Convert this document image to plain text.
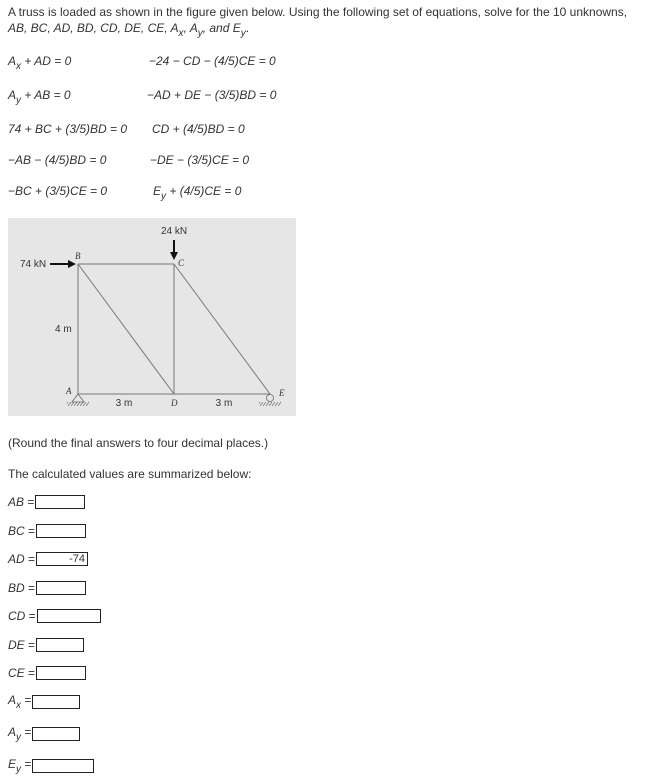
A truss is loaded as shown in the figure given below. Using the following set of equations, solve for the 10 unknowns,
AB, BC, AD, BD, CD, DE, CE, $A_x$, $A_y$, and $E_y$.
$A_x$ + AD = 0
$A_y$ + AB = 0
74 + BC + (3/5)BD = 0
−AB − (4/5)BD = 0
−BC + (3/5)CE = 0
−24 − CD − (4/5)CE = 0
−AD + DE − (3/5)BD = 0
CD + (4/5)BD = 0
−DE − (3/5)CE = 0
$E_y + (4/5)CE = 0$
24 kN
74 kN
4 m
3 m	3 m
A
B
C
D
E
(Round the final answers to four decimal places.)
The calculated values are summarized below:
AB =
BC =
AD =
-74
BD =
CD =
DE =
CE =
$A_x$ =
$A_y$ =
$E_y$ =
